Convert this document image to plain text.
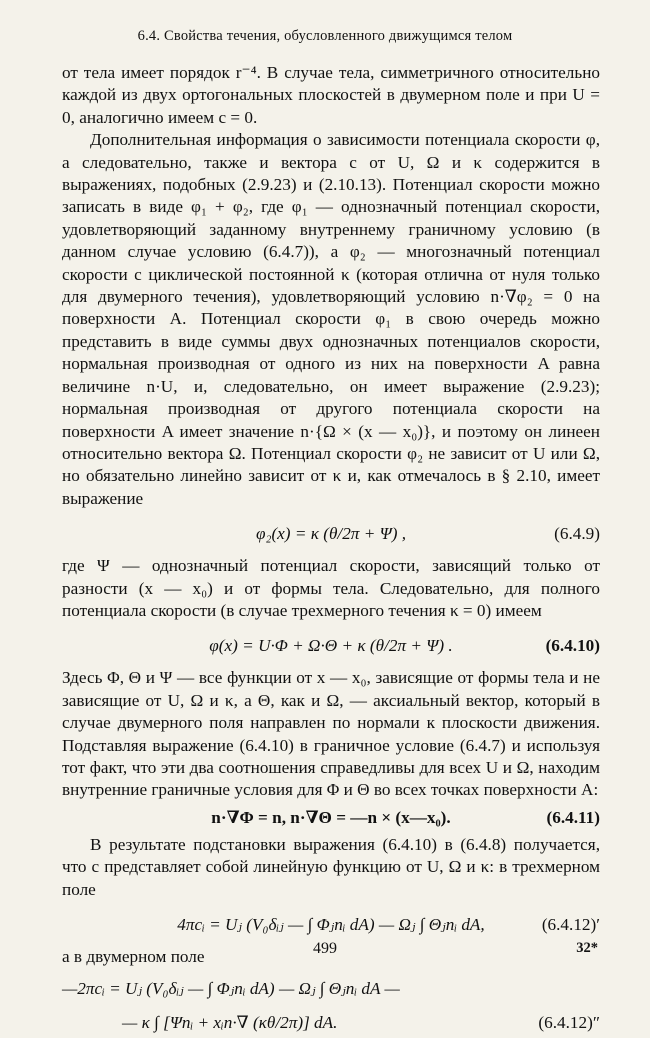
6.4. Свойства течения, обусловленного движущимся телом

от тела имеет порядок r⁻⁴. В случае тела, симметричного относительно каждой из двух ортогональных плоскостей в двумерном поле и при U = 0, аналогично имеем c = 0.

Дополнительная информация о зависимости потенциала скорости φ, а следовательно, также и вектора c от U, Ω и κ содержится в выражениях, подобных (2.9.23) и (2.10.13). Потенциал скорости можно записать в виде φ₁ + φ₂, где φ₁ — однозначный потенциал скорости, удовлетворяющий заданному внутреннему граничному условию (в данном случае условию (6.4.7)), а φ₂ — многозначный потенциал скорости с циклической постоянной κ (которая отлична от нуля только для двумерного течения), удовлетворяющий условию n·∇φ₂ = 0 на поверхности A. Потенциал скорости φ₁ в свою очередь можно представить в виде суммы двух однозначных потенциалов скорости, нормальная производная от одного из них на поверхности A равна величине n·U, и, следовательно, он имеет выражение (2.9.23); нормальная производная от другого потенциала скорости на поверхности A имеет значение n·{Ω × (x — x₀)}, и поэтому он линеен относительно вектора Ω. Потенциал скорости φ₂ не зависит от U или Ω, но обязательно линейно зависит от κ и, как отмечалось в § 2.10, имеет выражение

φ₂(x) = κ (θ/2π + Ψ) ,	(6.4.9)

где Ψ — однозначный потенциал скорости, зависящий только от разности (x — x₀) и от формы тела. Следовательно, для полного потенциала скорости (в случае трехмерного течения κ = 0) имеем

φ(x) = U·Φ + Ω·Θ + κ (θ/2π + Ψ) .	(6.4.10)

Здесь Φ, Θ и Ψ — все функции от x — x₀, зависящие от формы тела и не зависящие от U, Ω и κ, а Θ, как и Ω, — аксиальный вектор, который в случае двумерного поля направлен по нормали к плоскости движения. Подставляя выражение (6.4.10) в граничное условие (6.4.7) и используя тот факт, что эти два соотношения справедливы для всех U и Ω, находим внутренние граничные условия для Φ и Θ во всех точках поверхности A:

n·∇Φ = n, n·∇Θ = —n × (x—x₀).	(6.4.11)

В результате подстановки выражения (6.4.10) в (6.4.8) получается, что c представляет собой линейную функцию от U, Ω и κ: в трехмерном поле

4πcᵢ = Uⱼ (V₀δᵢⱼ — ∫ Φⱼnᵢ dA) — Ωⱼ ∫ Θⱼnᵢ dA,	(6.4.12)′

а в двумерном поле

—2πcᵢ = Uⱼ (V₀δᵢⱼ — ∫ Φⱼnᵢ dA) — Ωⱼ ∫ Θⱼnᵢ dA —
— κ ∫ [Ψnᵢ + xᵢn·∇ (κθ/2π)] dA.	(6.4.12)″
499	32*
